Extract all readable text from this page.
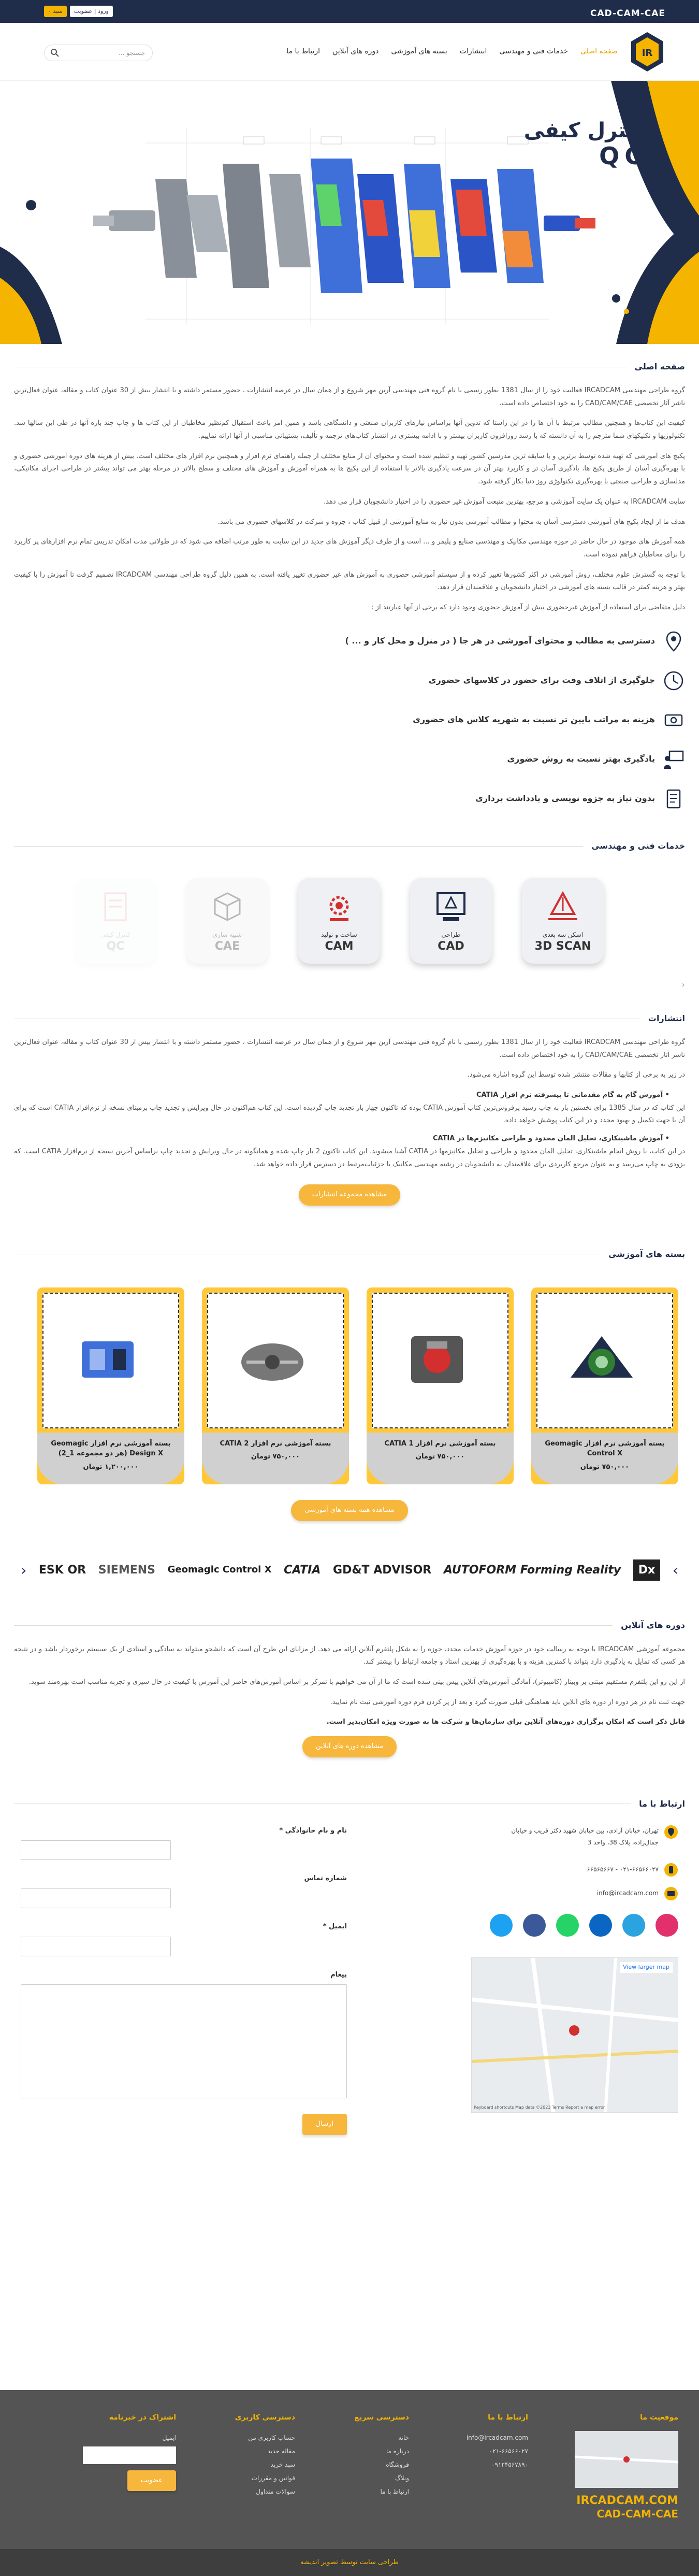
CAD-CAM-CAE
ورود | عضویت
سبد ۰
IR
صفحه اصلی
خدمات فنی و مهندسی
انتشارات
بسته های آموزشی
دوره های آنلاین
ارتباط با ما
جستجو ...
کنترل کیفی
QC
صفحه اصلی

گروه طراحی مهندسی IRCADCAM فعالیت خود را از سال 1381 بطور رسمی با نام گروه فنی مهندسی آرین مهر شروع و از همان سال در عرصه انتشارات ، حضور مستمر داشته و با انتشار بیش از 30 عنوان کتاب و مقاله، عنوان فعال‌ترین ناشر آثار تخصصی CAD/CAM/CAE را به خود اختصاص داده است.

کیفیت این کتاب‌ها و همچنین مطالب مرتبط با آن ها را در این راستا که تدوین آنها براساس نیازهای کاربران صنعتی و دانشگاهی باشد و همین امر باعث استقبال کم‌نظیر مخاطبان از این کتاب ها و چاپ چند باره آنها در طی این سالها شد. تکنولوژیها و تکنیکهای شما مترجم را به آن دانسته که با رشد روزافزون کاربران بیشتر و با ادامه بیشتری در انتشار کتاب‌های ترجمه و تألیف، پشتیبانی مناسبی از آنها ارائه نماییم.

پکیج های آموزشی که تهیه شده توسط برترین و با سابقه ترین مدرسین کشور تهیه و تنظیم شده است و محتوای آن از منابع مختلف از جمله راهنمای نرم افزار و همچنین نرم افزار های مختلف است. بیش از هزینه های دوره آموزشی حضوری و با بهره‌گیری آسان از طریق پکیج ها، یادگیری آسان تر و کاربرد بهتر آن در سرعت یادگیری بالاتر با استفاده از این پکیج ها به همراه آموزش و آموزش های مختلف و سطح بالاتر در مرحله بهتر می تواند بیشتر در طراحی اجزای مکانیکی، مدلسازی و طراحی صنعتی با بهره‌گیری تکنولوژی روز دنیا بکار گرفته شود.

سایت IRCADCAM به عنوان یک سایت آموزشی و مرجع، بهترین منبعت آموزش غیر حضوری را در اختیار دانشجویان قرار می دهد.

هدف ما از ایجاد پکیج های آموزشی دسترسی آسان به محتوا و مطالب آموزشی بدون نیاز به منابع آموزشی از قبیل کتاب ، جزوه و شرکت در کلاسهای حضوری می باشد.

همه آموزش های موجود در حال حاضر در حوزه مهندسی مکانیک و مهندسی صنایع و پلیمر و ... است و از طرف دیگر آموزش های جدید در این سایت به طور مرتب اضافه می شود که در طولانی مدت امکان تدریس تمام نرم افزارهای پر کاربرد را برای مخاطبان فراهم نموده است.

با توجه به گسترش علوم مختلف، روش آموزشی در اکثر کشورها تغییر کرده و از سیستم آموزشی حضوری به آموزش های غیر حضوری تغییر یافته است. به همین دلیل گروه طراحی مهندسی IRCADCAM تصمیم گرفت تا آموزش را با کیفیت بهتر و هزینه کمتر در قالب بسته های آموزشی در اختیار دانشجویان و علاقمندان قرار دهد.

دلیل متقاضی برای استفاده از آموزش غیرحضوری بیش از آموزش حضوری وجود دارد که برخی از آنها عبارتند از :

دسترسی به مطالب و محتوای آموزشی در هر جا ( در منزل و محل کار و ... )
جلوگیری از اتلاف وقت برای حضور در کلاسهای حضوری
هزینه به مراتب پایین تر نسبت به شهریه کلاس های حضوری
یادگیری بهتر نسبت به روش حضوری
بدون نیاز به جزوه نویسی و یادداشت برداری
خدمات فنی و مهندسی
اسکن سه بعدی
3D SCAN
طراحی
CAD
ساخت و تولید
CAM
شبیه سازی
CAE
کنترل کیفی
QC
‹
انتشارات

گروه طراحی مهندسی IRCADCAM فعالیت خود را از سال 1381 بطور رسمی با نام گروه فنی مهندسی آرین مهر شروع و از همان سال در عرصه انتشارات ، حضور مستمر داشته و با انتشار بیش از 30 عنوان کتاب و مقاله، عنوان فعال‌ترین ناشر آثار تخصصی CAD/CAM/CAE را به خود اختصاص داده است.

در زیر به برخی از کتابها و مقالات منتشر شده توسط این گروه اشاره می‌شود.

• آموزش گام به گام مقدماتی تا پیشرفته نرم افزار CATIA
این کتاب که در سال 1385 برای نخستین بار به چاپ رسید پرفروش‌ترین کتاب آموزش CATIA بوده که تاکنون چهار بار تجدید چاپ گردیده است. این کتاب هم‌اکنون در حال ویرایش و تجدید چاپ برمبنای نسخه از نرم‌افزار CATIA است که برای آن با جهت تکمیل و بهبود مجدد و در این کتاب پوشش خواهد داده.
• آموزش ماشینکاری، تحلیل المان محدود و طراحی مکانیزم‌ها در CATIA
در این کتاب، با روش انجام ماشینکاری، تحلیل المان محدود و طراحی و تحلیل مکانیزمها در CATIA آشنا میشوید. این کتاب تاکنون 2 بار چاپ شده و همانگونه در حال ویرایش و تجدید چاپ براساس آخرین نسخه از نرم‌افزار CATIA است. که بزودی به چاپ می‌رسد و به عنوان مرجع کاربردی برای علاقمندان به دانشجویان در رشته مهندسی مکانیک با جزئیات‌مرتبط در دسترس قرار داده خواهد شد.
مشاهده مجموعه انتشارات
بسته های آموزشی
بسته آموزشی نرم افزار Geomagic Control X
۷۵۰,۰۰۰ تومان
بسته آموزشی نرم افزار CATIA 1
۷۵۰,۰۰۰ تومان
بسته آموزشی نرم افزار CATIA 2
۷۵۰,۰۰۰ تومان
بسته آموزشی نرم افزار Geomagic Design X (هر دو مجموعه 1_2)
۱,۲۰۰,۰۰۰ تومان
مشاهده همه بسته های آموزشی
›
Dx
AUTOFORM Forming Reality
GD&T ADVISOR
CATIA
Geomagic Control X
SIEMENS
ESK OR
‹
دوره های آنلاین

مجموعه آموزشی IRCADCAM با توجه به رسالت خود در حوزه آموزش خدمات مجدد، حوزه را نه شکل پلتفرم آنلاین ارائه می دهد. از مزایای این طرح آن است که دانشجو میتواند به سادگی و استادی از یک سیستم برخوردار باشد و در نتیجه هر کسی که تمایل به یادگیری دارد بتواند با کمترین هزینه و با بهره‌گیری از بهترین استاد و جامعه ارتباط را بیشتر کند.

از این رو این پلتفرم مستقیم مبتنی بر وبینار (کامپیوتر)، آمادگی آموزش‌های آنلاین پیش بینی شده است که ما از آن می خواهیم با تمرکز بر اساس آموزش‌های حاضر این آموزش با کیفیت در حال سپری و تجربه مناسب است بهره‌مند شوید.

جهت ثبت نام در هر دوره از دوره های آنلاین باید هماهنگی قبلی صورت گیرد و بعد از پر کردن فرم دوره آموزشی ثبت نام نمایید.

قابل ذکر است که امکان برگزاری دوره‌های آنلاین برای سازمان‌ها و شرکت ها به صورت ویژه امکان‌پذیر است.

مشاهده دوره های آنلاین
ارتباط با ما
تهران، خیابان آزادی، بین خیابان شهید دکتر قریب و خیابان جمال‌زاده، پلاک 38، واحد 3
۰۲۱-۶۶۵۶۶۰۲۷ - ۶۶۵۶۵۶۶۷
info@ircadcam.com
View larger map
Keyboard shortcuts Map data ©2023 Terms Report a map error
نام و نام خانوادگی *
شماره تماس
ایمیل *
پیغام
ارسال
موقعیت ما
IRCADCAM.COM
CAD-CAM-CAE
ارتباط با ما
info@ircadcam.com
۰۲۱-۶۶۵۶۶۰۲۷
۰۹۱۲۴۵۶۷۸۹۰
دسترسی سریع
خانه
درباره ما
فروشگاه
وبلاگ
ارتباط با ما
دسترسی کاربری
حساب کاربری من
مقاله جدید
سبد خرید
قوانین و مقررات
سوالات متداول
اشتراک در خبرنامه
ایمیل
عضویت
طراحی سایت توسط تصویر اندیشه
